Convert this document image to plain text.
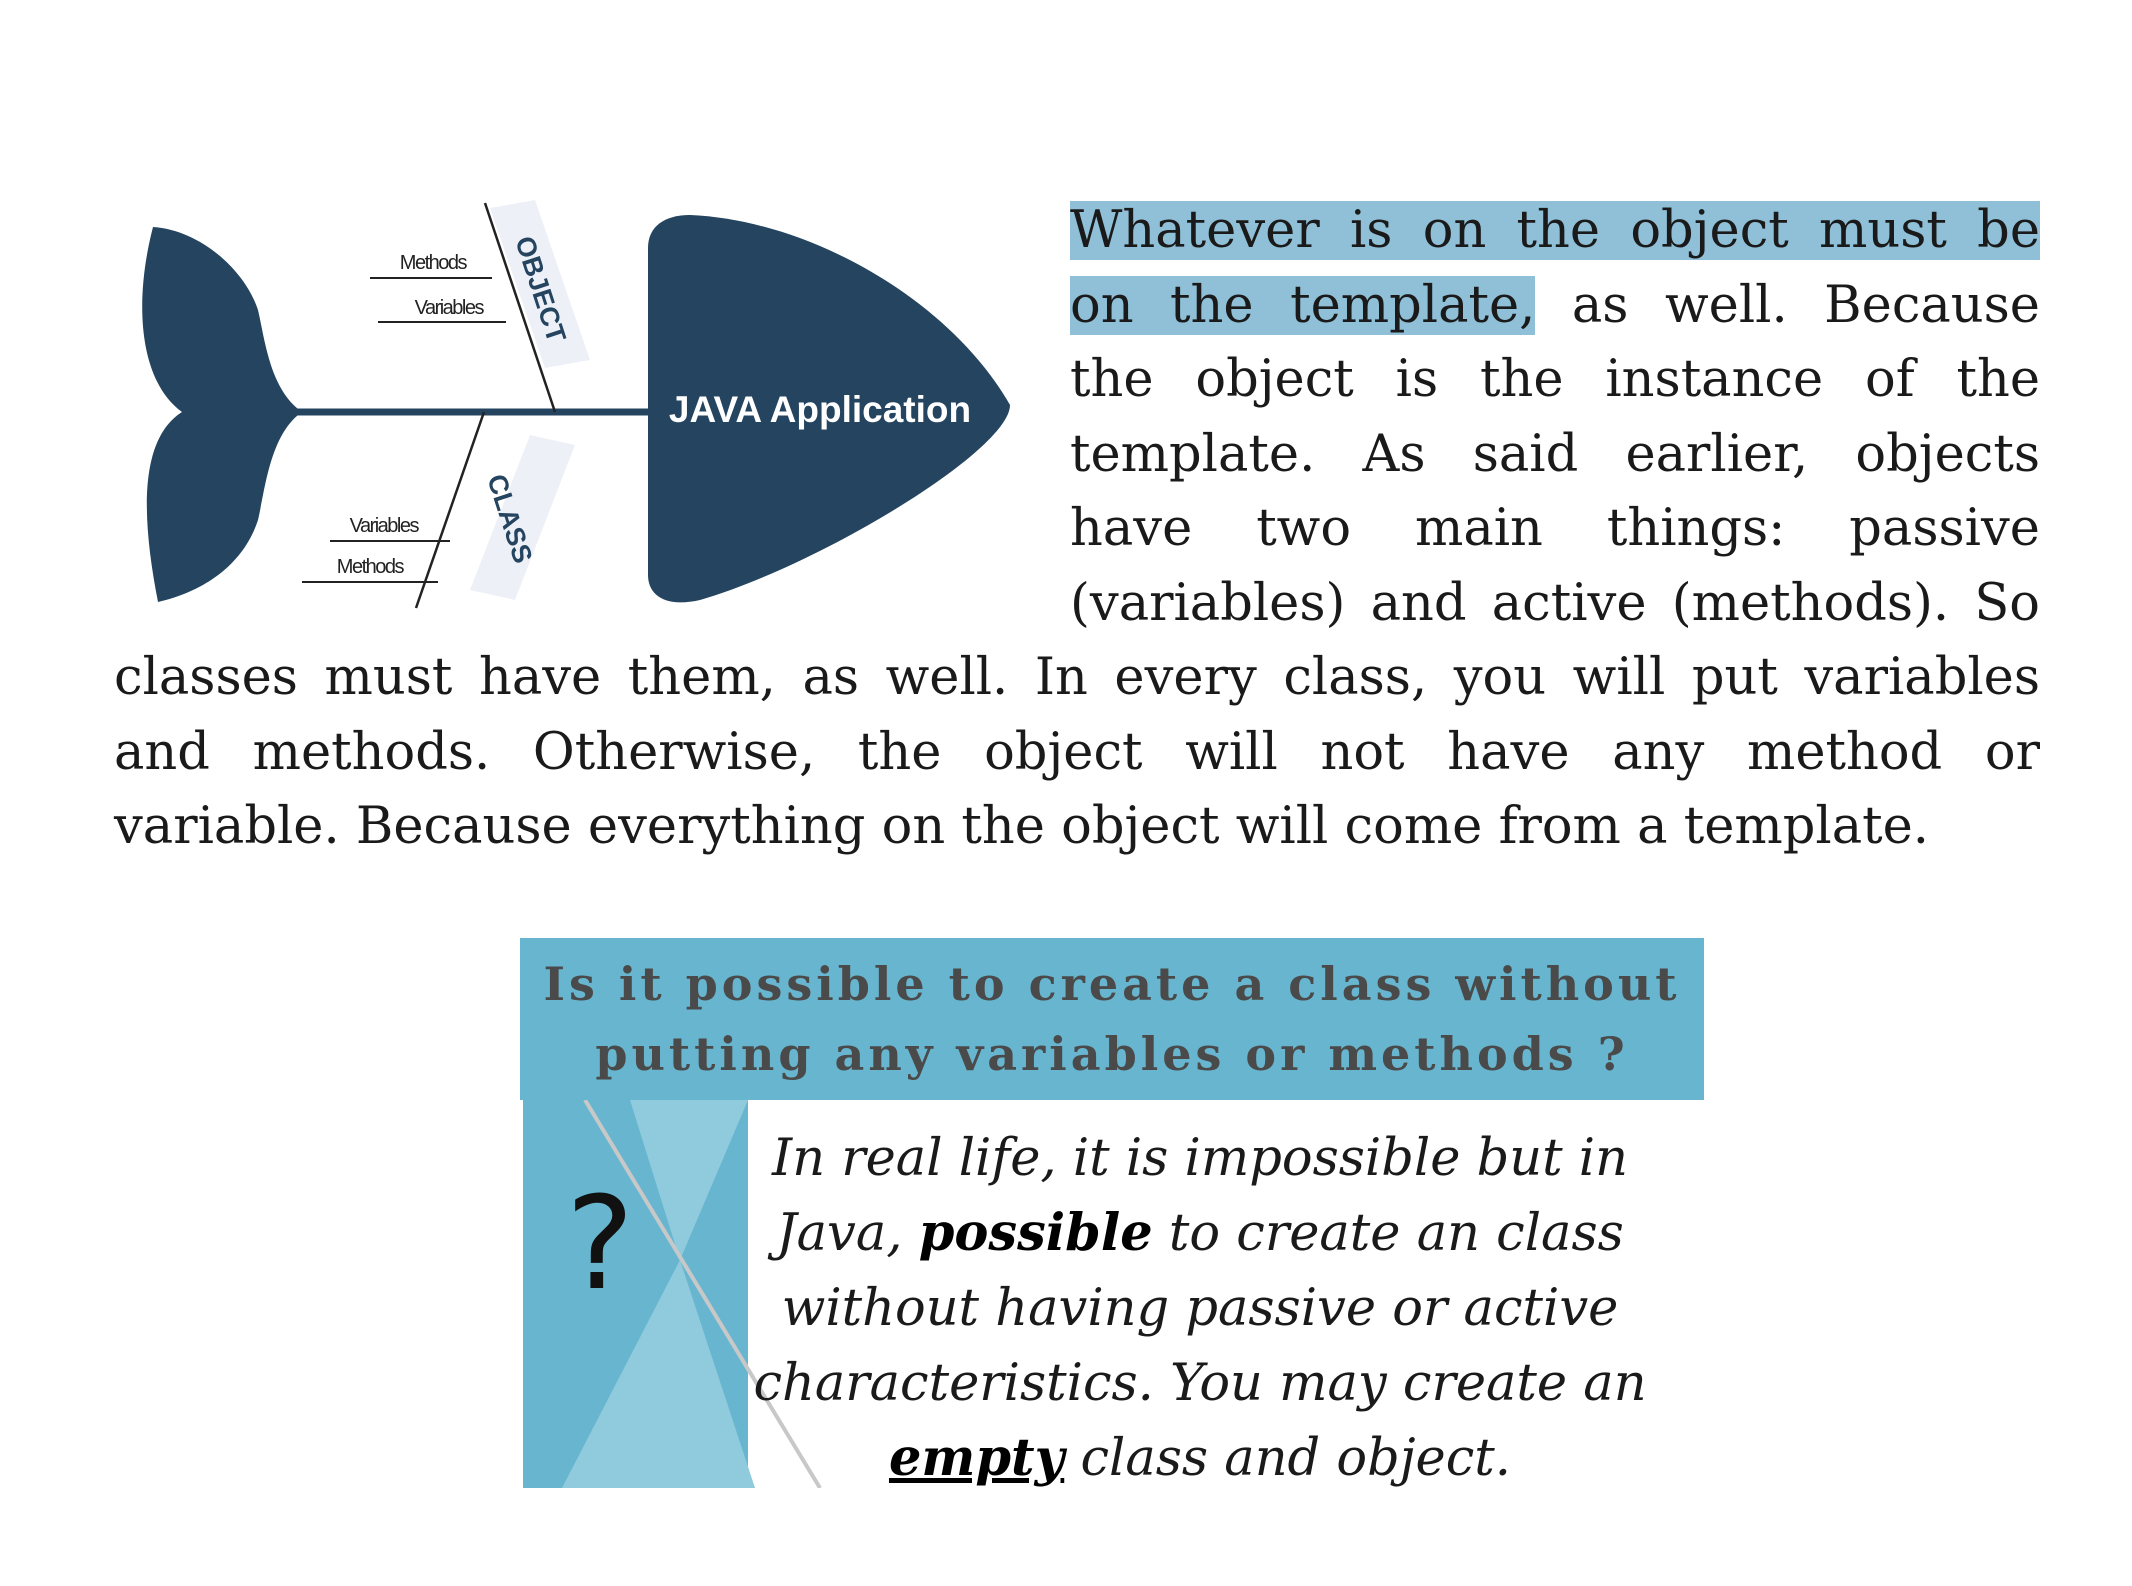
JAVA Application
OBJECT
Methods
Variables
CLASS
Variables
Methods
Whatever is on the object must be
on the template, as well. Because
the object is the instance of the
template. As said earlier, objects
have two main things: passive
(variables) and active (methods). So
classes must have them, as well. In every class, you will put variables
and methods. Otherwise, the object will not have any method or
variable. Because everything on the object will come from a template.
Is it possible to create a class without
putting any variables or methods ?
?
In real life, it is impossible but in
Java, possible to create an class
without having passive or active
characteristics. You may create an
empty class and object.
